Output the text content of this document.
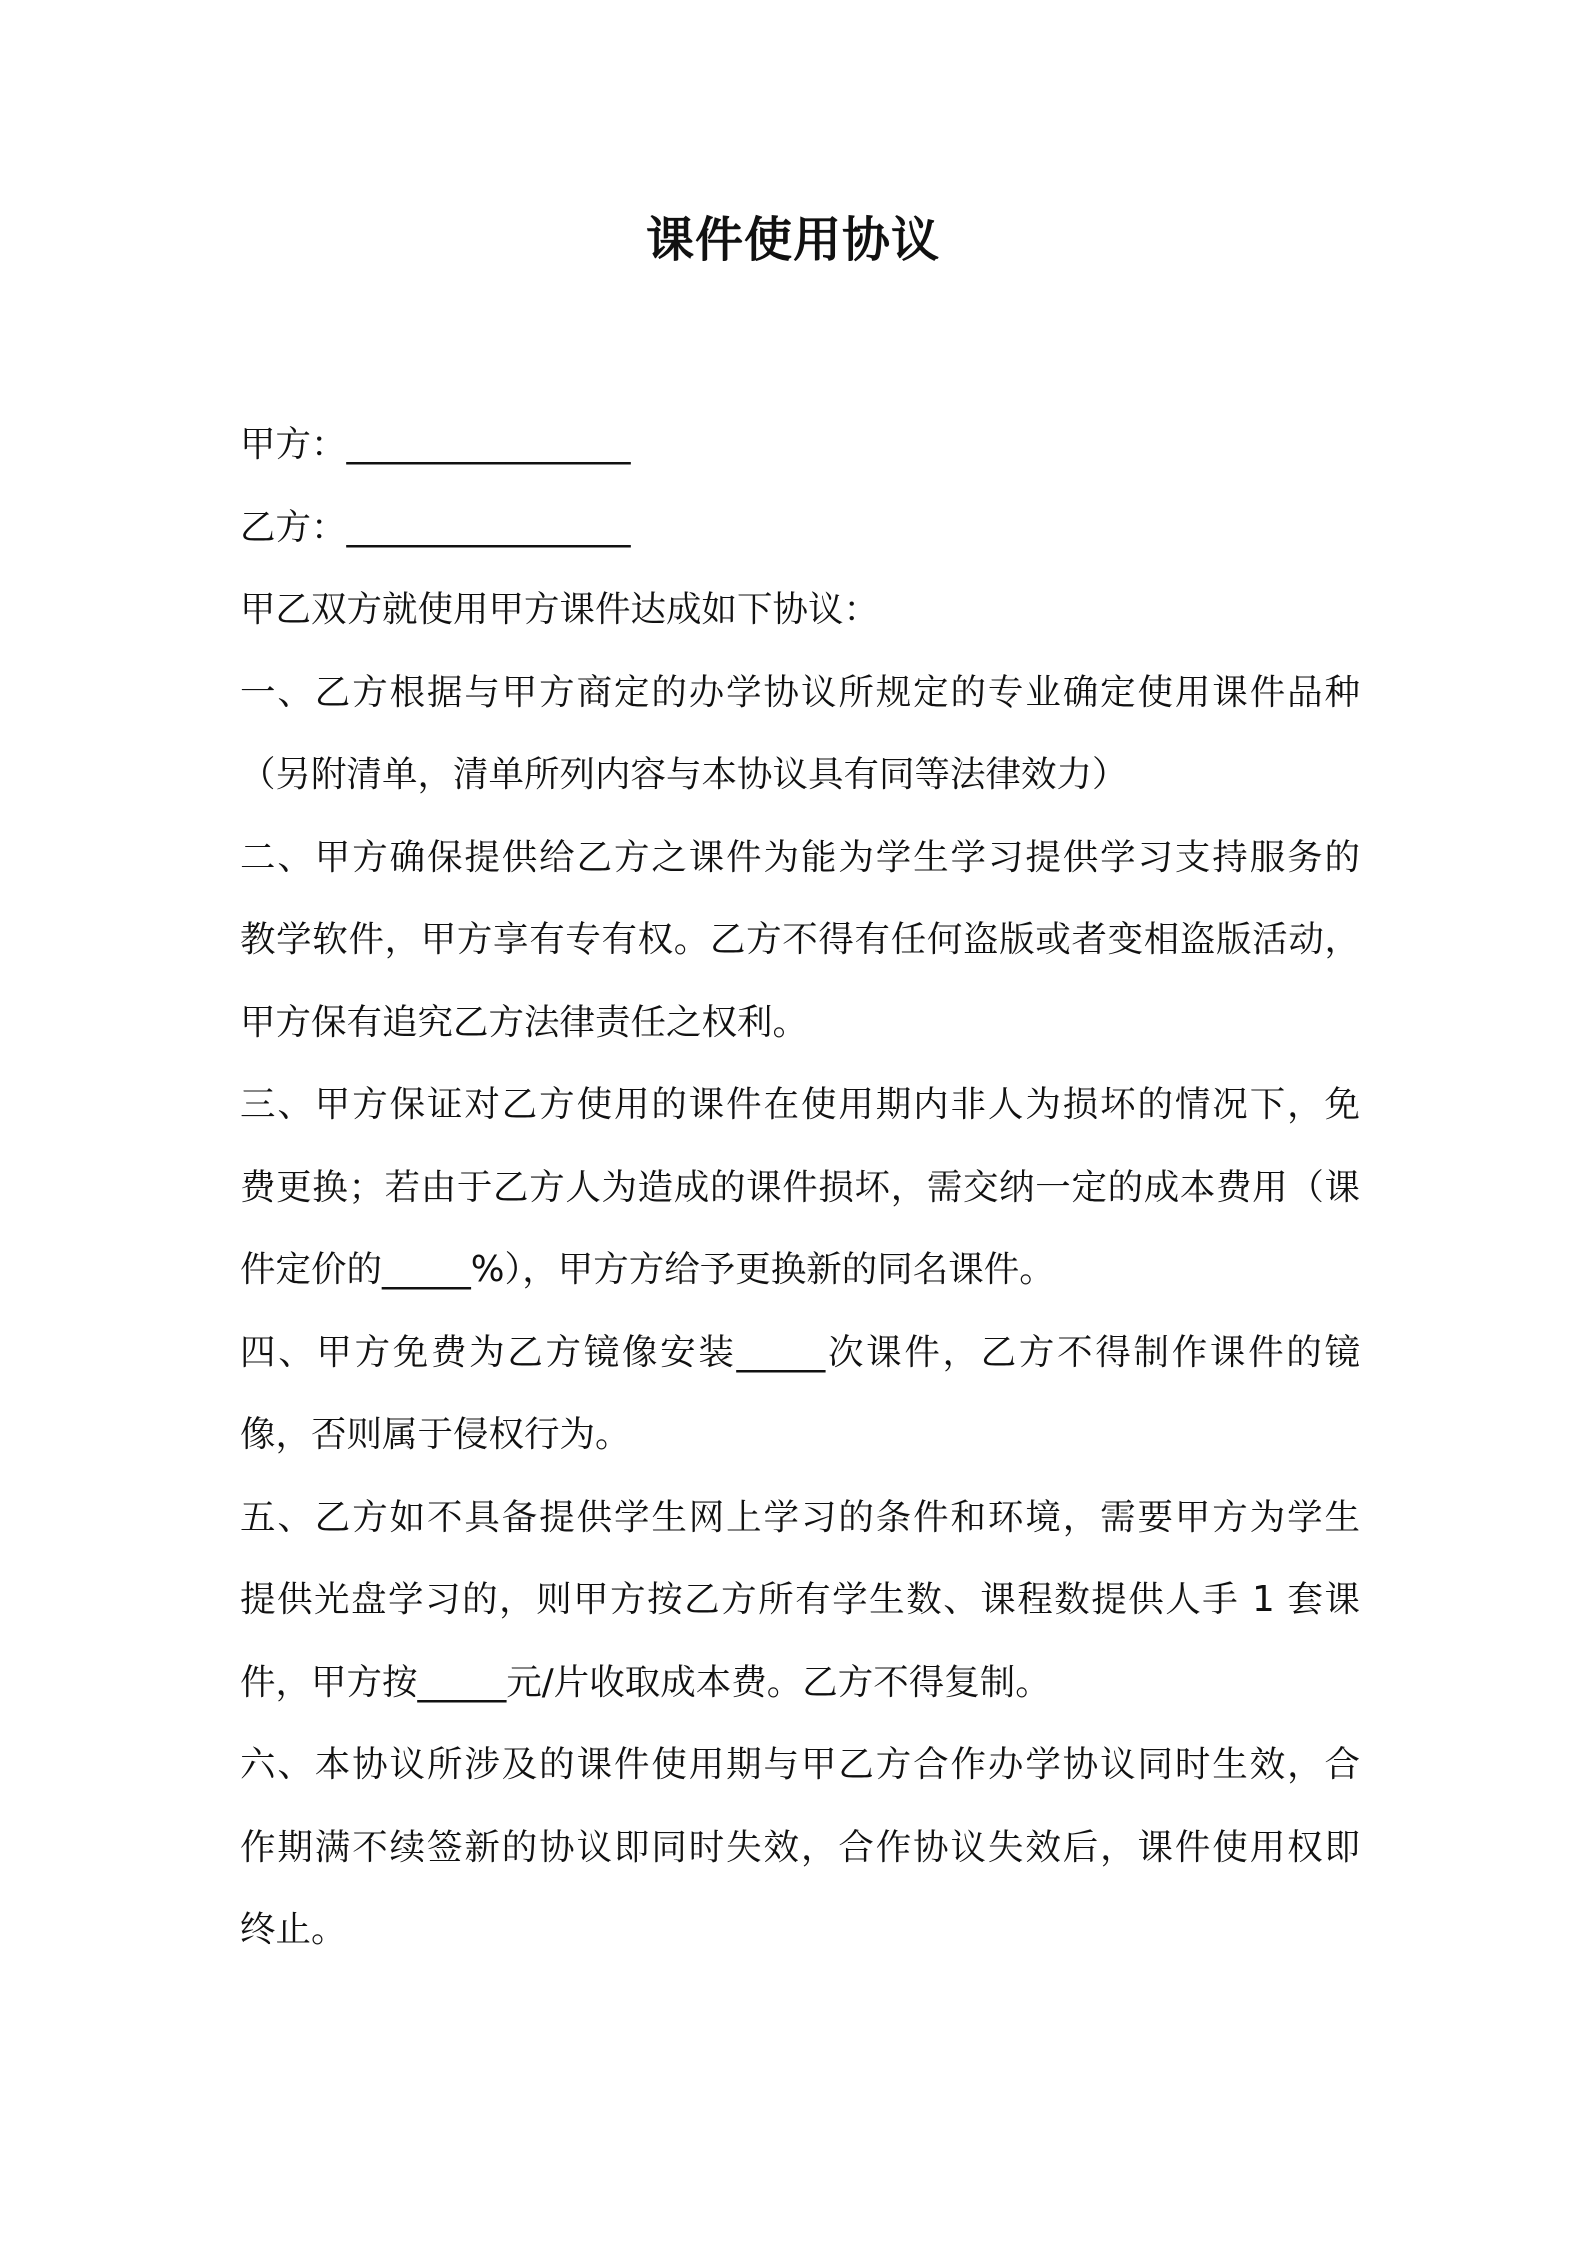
课件使用协议
甲方：________________
乙方：________________
甲乙双方就使用甲方课件达成如下协议：
一、乙方根据与甲方商定的办学协议所规定的专业确定使用课件品种
（另附清单，清单所列内容与本协议具有同等法律效力）
二、甲方确保提供给乙方之课件为能为学生学习提供学习支持服务的
教学软件，甲方享有专有权。乙方不得有任何盗版或者变相盗版活动，
甲方保有追究乙方法律责任之权利。
三、甲方保证对乙方使用的课件在使用期内非人为损坏的情况下，免
费更换；若由于乙方人为造成的课件损坏，需交纳一定的成本费用（课
件定价的_____%），甲方方给予更换新的同名课件。
四、甲方免费为乙方镜像安装_____次课件，乙方不得制作课件的镜
像，否则属于侵权行为。
五、乙方如不具备提供学生网上学习的条件和环境，需要甲方为学生
提供光盘学习的，则甲方按乙方所有学生数、课程数提供人手 1 套课
件，甲方按_____元/片收取成本费。乙方不得复制。
六、本协议所涉及的课件使用期与甲乙方合作办学协议同时生效，合
作期满不续签新的协议即同时失效，合作协议失效后，课件使用权即
终止。
